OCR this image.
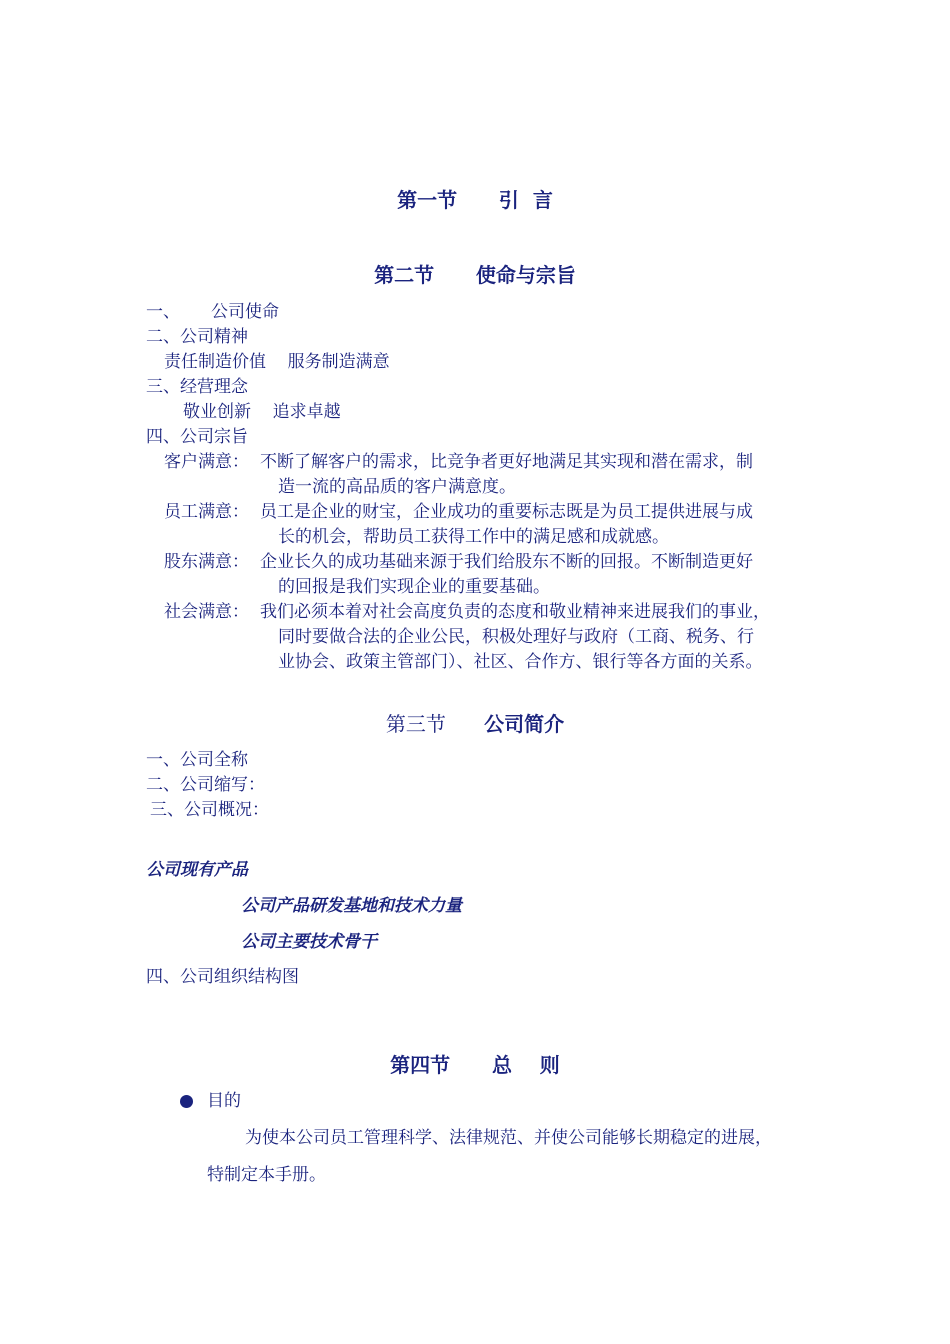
第一节 引  言
第二节 使命与宗旨
一、 公司使命
二、公司精神
责任制造价值    服务制造满意
三、经营理念
敬业创新    追求卓越
四、公司宗旨
客户满意： 不断了解客户的需求，比竞争者更好地满足其实现和潜在需求，制
造一流的高品质的客户满意度。
员工满意： 员工是企业的财宝，企业成功的重要标志既是为员工提供进展与成
长的机会，帮助员工获得工作中的满足感和成就感。
股东满意： 企业长久的成功基础来源于我们给股东不断的回报。不断制造更好
的回报是我们实现企业的重要基础。
社会满意： 我们必须本着对社会高度负责的态度和敬业精神来进展我们的事业，
同时要做合法的企业公民，积极处理好与政府（工商、税务、行
业协会、政策主管部门）、社区、合作方、银行等各方面的关系。
第三节 公司简介
一、公司全称
二、公司缩写：
三、公司概况：
公司现有产品
公司产品研发基地和技术力量
公司主要技术骨干
四、公司组织结构图
第四节 总    则
目的
为使本公司员工管理科学、法律规范、并使公司能够长期稳定的进展，
特制定本手册。
